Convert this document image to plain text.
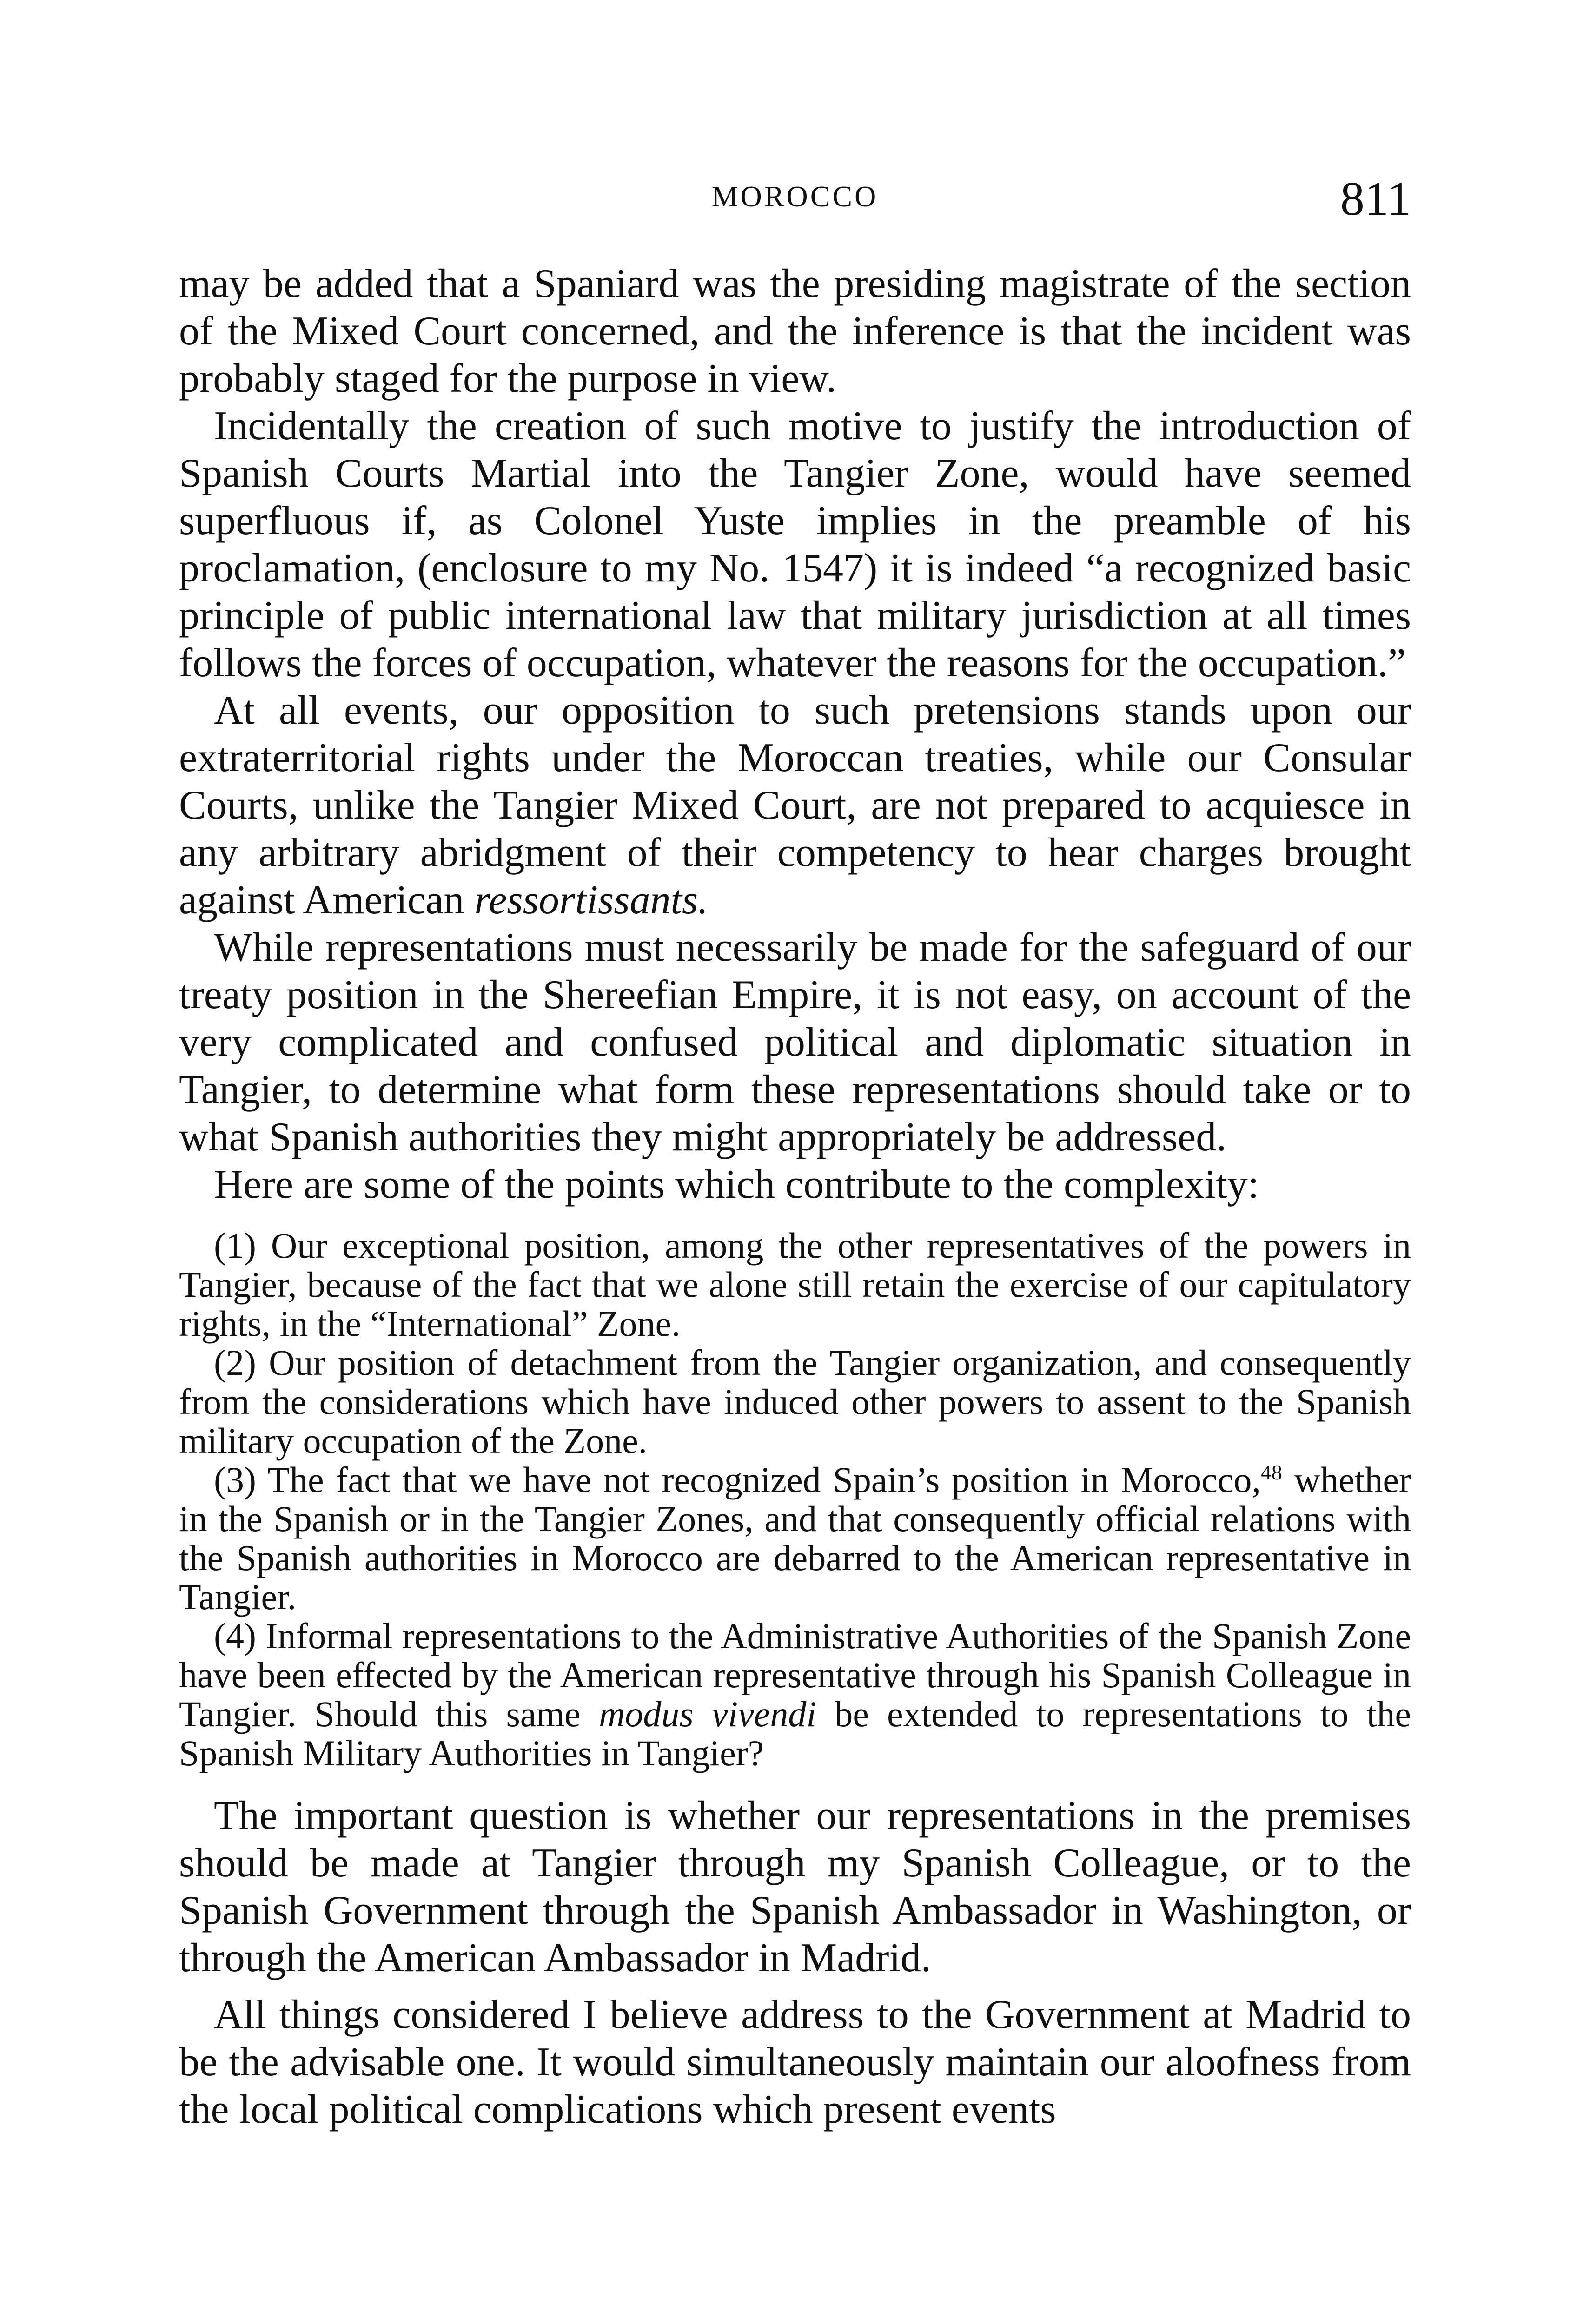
MOROCCO	811

may be added that a Spaniard was the presiding magistrate of the section of the Mixed Court concerned, and the inference is that the incident was probably staged for the purpose in view.

Incidentally the creation of such motive to justify the introduction of Spanish Courts Martial into the Tangier Zone, would have seemed superfluous if, as Colonel Yuste implies in the preamble of his proclamation, (enclosure to my No. 1547) it is indeed “a recognized basic principle of public international law that military jurisdiction at all times follows the forces of occupation, whatever the reasons for the occupation.”

At all events, our opposition to such pretensions stands upon our extraterritorial rights under the Moroccan treaties, while our Consular Courts, unlike the Tangier Mixed Court, are not prepared to acquiesce in any arbitrary abridgment of their competency to hear charges brought against American ressortissants.

While representations must necessarily be made for the safeguard of our treaty position in the Shereefian Empire, it is not easy, on account of the very complicated and confused political and diplomatic situation in Tangier, to determine what form these representations should take or to what Spanish authorities they might appropriately be addressed.

Here are some of the points which contribute to the complexity:

(1) Our exceptional position, among the other representatives of the powers in Tangier, because of the fact that we alone still retain the exercise of our capitulatory rights, in the “International” Zone.

(2) Our position of detachment from the Tangier organization, and consequently from the considerations which have induced other powers to assent to the Spanish military occupation of the Zone.

(3) The fact that we have not recognized Spain’s position in Morocco,$^{48}$ whether in the Spanish or in the Tangier Zones, and that consequently official relations with the Spanish authorities in Morocco are debarred to the American representative in Tangier.

(4) Informal representations to the Administrative Authorities of the Spanish Zone have been effected by the American representative through his Spanish Colleague in Tangier. Should this same modus vivendi be extended to representations to the Spanish Military Authorities in Tangier?

The important question is whether our representations in the premises should be made at Tangier through my Spanish Colleague, or to the Spanish Government through the Spanish Ambassador in Washington, or through the American Ambassador in Madrid.

All things considered I believe address to the Government at Madrid to be the advisable one. It would simultaneously maintain our aloofness from the local political complications which present events
